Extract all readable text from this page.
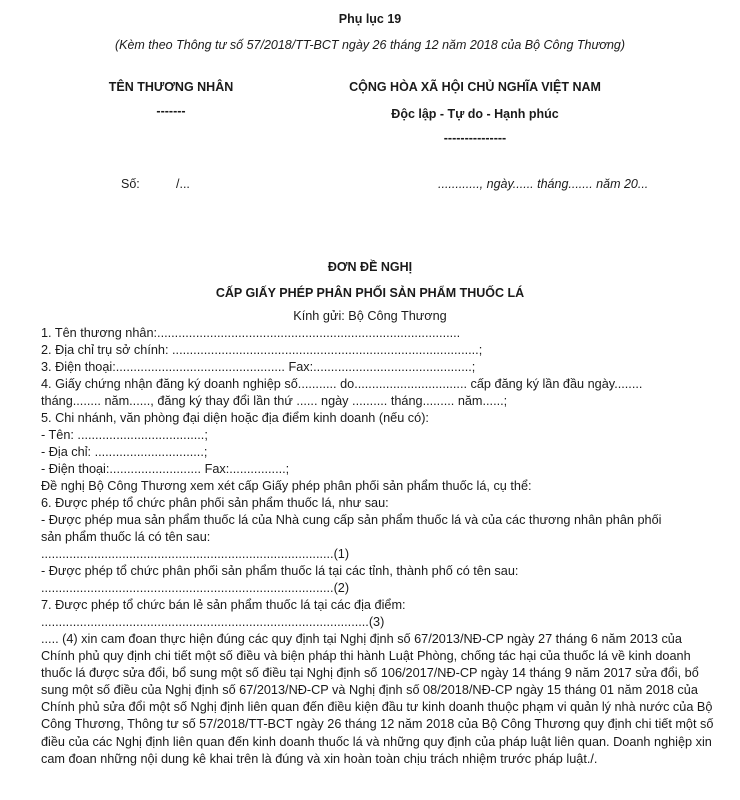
Phụ lục 19
(Kèm theo Thông tư số 57/2018/TT-BCT ngày 26 tháng 12 năm 2018 của Bộ Công Thương)
TÊN THƯƠNG NHÂN
-------
CỘNG HÒA XÃ HỘI CHỦ NGHĨA VIỆT NAM
Độc lập - Tự do - Hạnh phúc
---------------
Số:	/...	............, ngày...... tháng....... năm 20...
ĐƠN ĐỀ NGHỊ
CẤP GIẤY PHÉP PHÂN PHỐI SẢN PHẨM THUỐC LÁ
Kính gửi: Bộ Công Thương
1. Tên thương nhân:......................................................................................
2. Địa chỉ trụ sở chính: .......................................................................................;
3. Điện thoại:................................................ Fax:.............................................;
4. Giấy chứng nhận đăng ký doanh nghiệp số........... do................................ cấp đăng ký lần đầu ngày........
tháng........ năm......, đăng ký thay đổi lần thứ ...... ngày .......... tháng......... năm......;
5. Chi nhánh, văn phòng đại diện hoặc địa điểm kinh doanh (nếu có):
- Tên: ....................................;
- Địa chỉ: ...............................;
- Điện thoại:.......................... Fax:................;
Đề nghị Bộ Công Thương xem xét cấp Giấy phép phân phối sản phẩm thuốc lá, cụ thể:
6. Được phép tổ chức phân phối sản phẩm thuốc lá, như sau:
- Được phép mua sản phẩm thuốc lá của Nhà cung cấp sản phẩm thuốc lá và của các thương nhân phân phối
sản phẩm thuốc lá có tên sau:
...................................................................................(1)
- Được phép tổ chức phân phối sản phẩm thuốc lá tại các tỉnh, thành phố có tên sau:
...................................................................................(2)
7. Được phép tổ chức bán lẻ sản phẩm thuốc lá tại các địa điểm:
.............................................................................................(3)
..... (4) xin cam đoan thực hiện đúng các quy định tại Nghị định số 67/2013/NĐ-CP ngày 27 tháng 6 năm 2013 của Chính phủ quy định chi tiết một số điều và biện pháp thi hành Luật Phòng, chống tác hại của thuốc lá về kinh doanh thuốc lá được sửa đổi, bổ sung một số điều tại Nghị định số 106/2017/NĐ-CP ngày 14 tháng 9 năm 2017 sửa đổi, bổ sung một số điều của Nghị định số 67/2013/NĐ-CP và Nghị định số 08/2018/NĐ-CP ngày 15 tháng 01 năm 2018 của Chính phủ sửa đổi một số Nghị định liên quan đến điều kiện đầu tư kinh doanh thuộc phạm vi quản lý nhà nước của Bộ Công Thương, Thông tư số 57/2018/TT-BCT ngày 26 tháng 12 năm 2018 của Bộ Công Thương quy định chi tiết một số điều của các Nghị định liên quan đến kinh doanh thuốc lá và những quy định của pháp luật liên quan. Doanh nghiệp xin cam đoan những nội dung kê khai trên là đúng và xin hoàn toàn chịu trách nhiệm trước pháp luật./.
